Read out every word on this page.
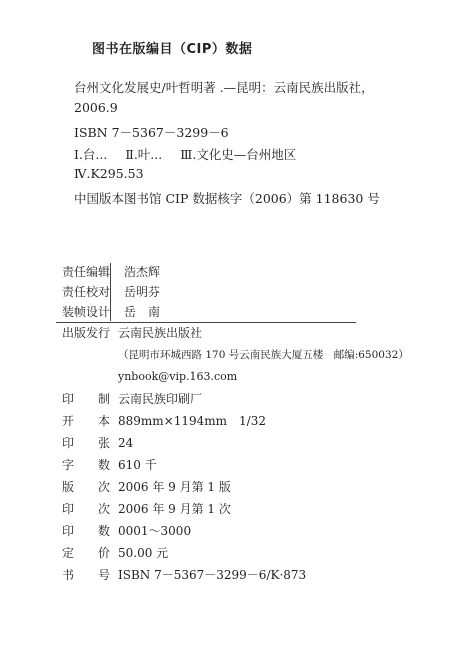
图书在版编目（CIP）数据
台州文化发展史/叶哲明著 .—昆明：云南民族出版社，
2006.9
ISBN 7－5367－3299－6
Ⅰ.台... Ⅱ.叶... Ⅲ.文化史—台州地区
Ⅳ.K295.53
中国版本图书馆 CIP 数据核字（2006）第 118630 号
责任编辑	浩杰辉
责任校对	岳明芬
装帧设计	岳　南
出版发行 云南民族出版社
（昆明市环城西路 170 号云南民族大厦五楼　邮编:650032）
ynbook@vip.163.com
印 制 云南民族印刷厂
开 本 889mm×1194mm　1/32
印 张 24
字 数 610 千
版 次 2006 年 9 月第 1 版
印 次 2006 年 9 月第 1 次
印 数 0001～3000
定 价 50.00 元
书 号 ISBN 7－5367－3299－6/K·873
